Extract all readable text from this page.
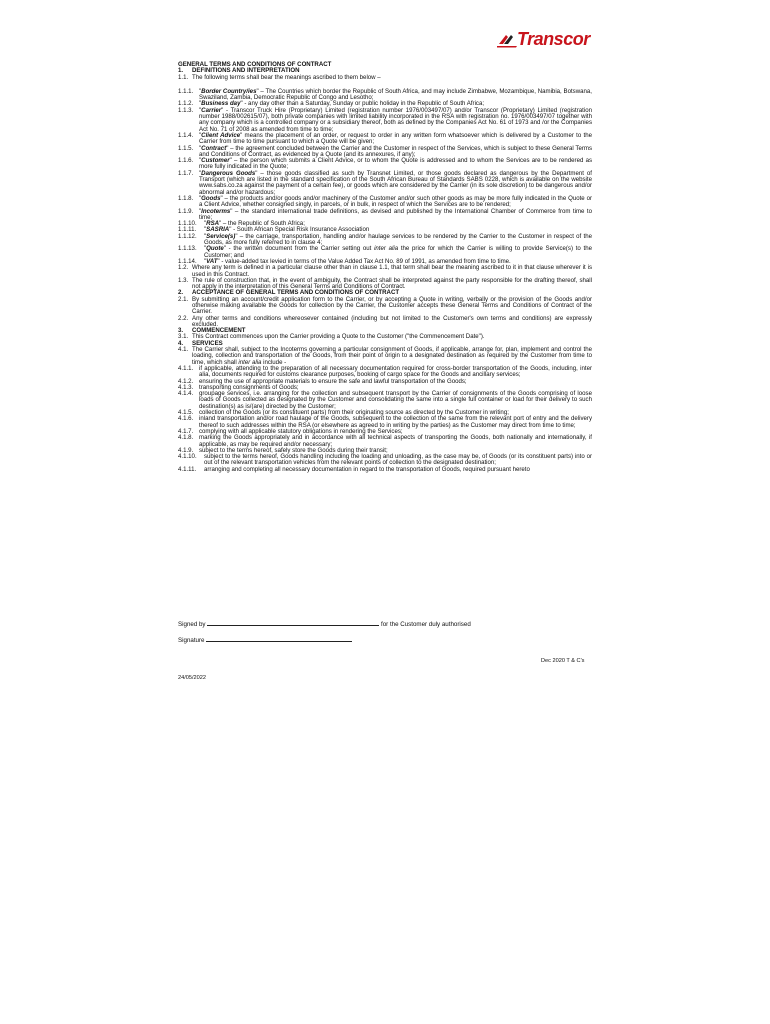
Transcor
GENERAL TERMS AND CONDITIONS OF CONTRACT
1.	DEFINITIONS AND INTERPRETATION
1.1. The following terms shall bear the meanings ascribed to them below –
1.1.1. "Border Country/ies" – The Countries which border the Republic of South Africa, and may include Zimbabwe, Mozambique, Namibia, Botswana, Swaziland, Zambia, Democratic Republic of Congo and Lesotho;
1.1.2. "Business day" - any day other than a Saturday, Sunday or public holiday in the Republic of South Africa;
1.1.3. "Carrier" - Transcor Truck Hire (Proprietary) Limited (registration number 1976/003497/07) and/or Transcor (Proprietary) Limited (registration number 1988/002615/07), both private companies with limited liability incorporated in the RSA with registration no. 1976/003497/07 together with any company which is a controlled company or a subsidiary thereof, both as defined by the Companies Act No. 61 of 1973 and /or the Companies Act No. 71 of 2008 as amended from time to time;
1.1.4. "Client Advice" means the placement of an order, or request to order in any written form whatsoever which is delivered by a Customer to the Carrier from time to time pursuant to which a Quote will be given;
1.1.5. "Contract" – the agreement concluded between the Carrier and the Customer in respect of the Services, which is subject to these General Terms and Conditions of Contract, as evidenced by a Quote (and its annexures, if any);
1.1.6. "Customer" – the person which submits a Client Advice, or to whom the Quote is addressed and to whom the Services are to be rendered as more fully indicated in the Quote;
1.1.7. "Dangerous Goods" – those goods classified as such by Transnet Limited, or those goods declared as dangerous by the Department of Transport (which are listed in the standard specification of the South African Bureau of Standards SABS 0228, which is available on the website www.sabs.co.za against the payment of a certain fee), or goods which are considered by the Carrier (in its sole discretion) to be dangerous and/or abnormal and/or hazardous;
1.1.8. "Goods" – the products and/or goods and/or machinery of the Customer and/or such other goods as may be more fully indicated in the Quote or a Client Advice, whether consigned singly, in parcels, or in bulk, in respect of which the Services are to be rendered;
1.1.9. "Incoterms" – the standard international trade definitions, as devised and published by the International Chamber of Commerce from time to time;
1.1.10.	"RSA" – the Republic of South Africa;
1.1.11.	"SASRIA" - South African Special Risk Insurance Association
1.1.12.	"Service(s)" – the carriage, transportation, handling and/or haulage services to be rendered by the Carrier to the Customer in respect of the Goods, as more fully referred to in clause 4;
1.1.13.	"Quote" - the written document from the Carrier setting out inter alia the price for which the Carrier is willing to provide Service(s) to the Customer; and
1.1.14.	"VAT" - value-added tax levied in terms of the Value Added Tax Act No. 89 of 1991, as amended from time to time.
1.2. Where any term is defined in a particular clause other than in clause 1.1, that term shall bear the meaning ascribed to it in that clause wherever it is used in this Contract.
1.3. The rule of construction that, in the event of ambiguity, the Contract shall be interpreted against the party responsible for the drafting thereof, shall not apply in the interpretation of this General Terms and Conditions of Contract.
2.	ACCEPTANCE OF GENERAL TERMS AND CONDITIONS OF CONTRACT
2.1. By submitting an account/credit application form to the Carrier, or by accepting a Quote in writing, verbally or the provision of the Goods and/or otherwise making available the Goods for collection by the Carrier, the Customer accepts these General Terms and Conditions of Contract of the Carrier.
2.2. Any other terms and conditions whereosever contained (including but not limited to the Customer's own terms and conditions) are expressly excluded.
3.	COMMENCEMENT
3.1. This Contract commences upon the Carrier providing a Quote to the Customer ("the Commencement Date").
4.	SERVICES
4.1. The Carrier shall, subject to the Incoterms governing a particular consignment of Goods, if applicable, arrange for, plan, implement and control the loading, collection and transportation of the Goods, from their point of origin to a designated destination as required by the Customer from time to time, which shall inter alia include -
4.1.1. if applicable, attending to the preparation of all necessary documentation required for cross-border transportation of the Goods, including, inter alia, documents required for customs clearance purposes, booking of cargo space for the Goods and ancillary services;
4.1.2. ensuring the use of appropriate materials to ensure the safe and lawful transportation of the Goods;
4.1.3. transporting consignments of Goods;
4.1.4. groupage services, i.e. arranging for the collection and subsequent transport by the Carrier of consignments of the Goods comprising of loose loads of Goods collected as designated by the Customer and consolidating the same into a single full container or load for their delivery to such destination(s) as is/(are) directed by the Customer;
4.1.5. collection of the Goods (or its constituent parts) from their originating source as directed by the Customer in writing;
4.1.6. inland transportation and/or road haulage of the Goods, subsequent to the collection of the same from the relevant port of entry and the delivery thereof to such addresses within the RSA (or elsewhere as agreed to in writing by the parties) as the Customer may direct from time to time;
4.1.7. complying with all applicable statutory obligations in rendering the Services;
4.1.8. marking the Goods appropriately and in accordance with all technical aspects of transporting the Goods, both nationally and internationally, if applicable, as may be required and/or necessary;
4.1.9. subject to the terms hereof, safely store the Goods during their transit;
4.1.10.	subject to the terms hereof, Goods handling including the loading and unloading, as the case may be, of Goods (or its constituent parts) into or out of the relevant transportation vehicles from the relevant points of collection to the designated destination;
4.1.11.	arranging and completing all necessary documentation in regard to the transportation of Goods, required pursuant hereto
Signed by	for the Customer duly authorised
Signature
Dec 2020 T & C's
24/05/2022
